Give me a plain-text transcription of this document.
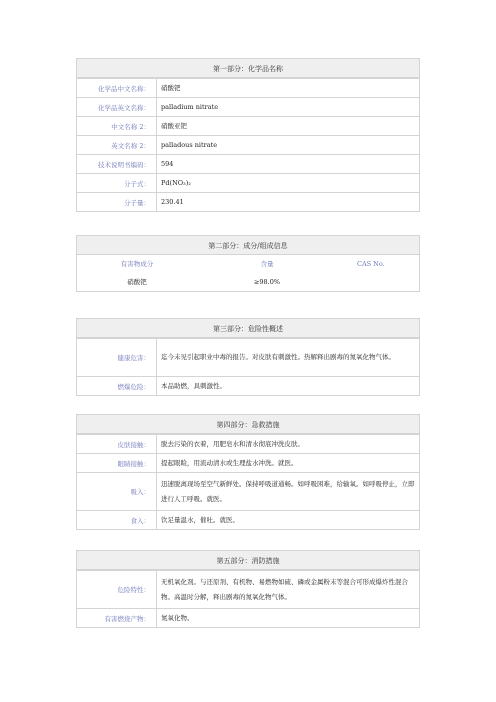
第一部分：化学品名称
化学品中文名称：	硝酸钯
化学品英文名称：	palladium nitrate
中文名称 2：	硝酸亚钯
英文名称 2：	palladous nitrate
技术说明书编码：	594
分子式：	Pd(NO₃)₂
分子量：	230.41
第二部分：成分/组成信息
有害物成分	含量	CAS No.
硝酸钯	≥98.0%
第三部分：危险性概述
健康危害：	迄今未见引起职业中毒的报告。对皮肤有刺激性。热解释出剧毒的氮氧化物气体。
燃爆危险：	本品助燃，具刺激性。
第四部分：急救措施
皮肤接触：	脱去污染的衣着，用肥皂水和清水彻底冲洗皮肤。
眼睛接触：	提起眼睑，用流动清水或生理盐水冲洗。就医。
吸入：	迅速脱离现场至空气新鲜处。保持呼吸道通畅。如呼吸困难，给输氧。如呼吸停止，立即进行人工呼吸。就医。
食入：	饮足量温水，催吐。就医。
第五部分：消防措施
危险特性：	无机氧化剂。与还原剂、有机物、易燃物如硫、磷或金属粉末等混合可形成爆炸性混合物。高温时分解，释出剧毒的氮氧化物气体。
有害燃烧产物：	氮氧化物。
